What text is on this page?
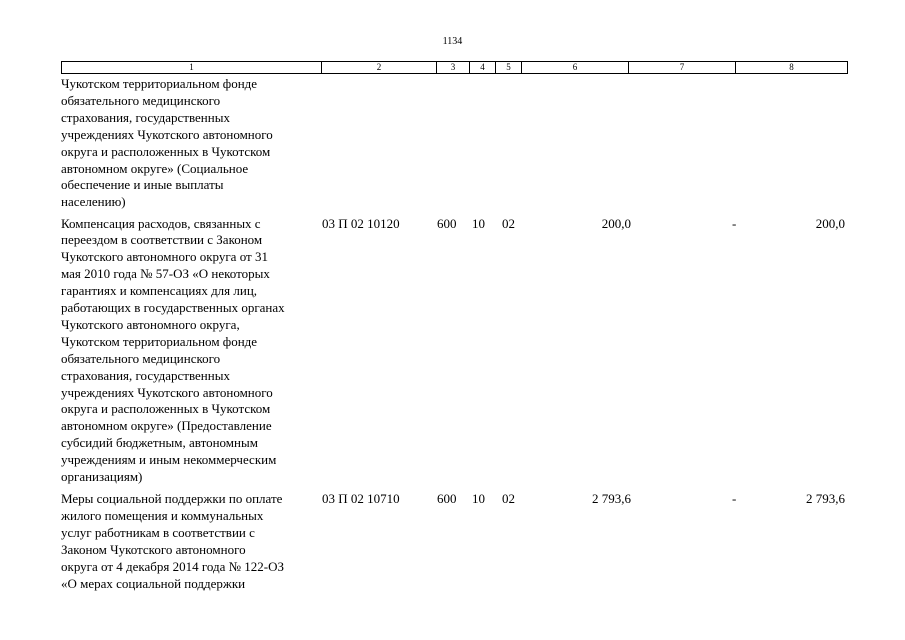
1134
1	2	3	4	5	6	7	8
Чукотском территориальном фонде
обязательного медицинского
страхования, государственных
учреждениях Чукотского автономного
округа и расположенных в Чукотском
автономном округе» (Социальное
обеспечение и иные выплаты
населению)
Компенсация расходов, связанных с
переездом в соответствии с Законом
Чукотского автономного округа от 31
мая 2010 года № 57-ОЗ «О некоторых
гарантиях и компенсациях для лиц,
работающих в государственных органах
Чукотского автономного округа,
Чукотском территориальном фонде
обязательного медицинского
страхования, государственных
учреждениях Чукотского автономного
округа и расположенных в Чукотском
автономном округе» (Предоставление
субсидий бюджетным, автономным
учреждениям и иным некоммерческим
организациям)
03 П 02 10120	600 10 02	200,0	-	200,0
Меры социальной поддержки по оплате
жилого помещения и коммунальных
услуг работникам в соответствии с
Законом Чукотского автономного
округа от 4 декабря 2014 года № 122-ОЗ
«О мерах социальной поддержки
03 П 02 10710	600 10 02	2 793,6	-	2 793,6
